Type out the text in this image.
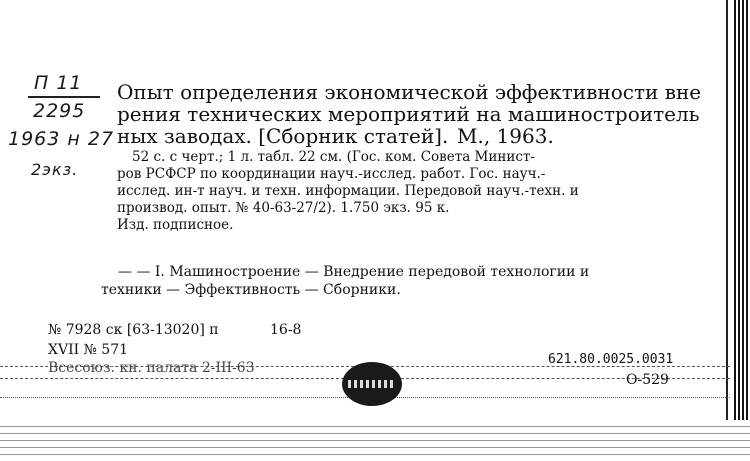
П 11
2295
1963 н 27
2экз.
Опыт определения экономической эффективности вне
рения технических мероприятий на машиностроитель
ных заводах. [Сборник статей]. М., 1963.
52 с. с черт.; 1 л. табл. 22 см. (Гос. ком. Совета Минист-
ров РСФСР по координации науч.-исслед. работ. Гос. науч.-
исслед. ин-т науч. и техн. информации. Передовой науч.-техн. и
производ. опыт. № 40-63-27/2). 1.750 экз. 95 к.
Изд. подписное.
— — I. Машиностроение — Внедрение передовой технологии и
техники — Эффективность — Сборники.
№ 7928 ск [63-13020] п	16-8
XVII № 571
Всесоюз. кн. палата 2-III-63
621.80.0025.0031
О-529
